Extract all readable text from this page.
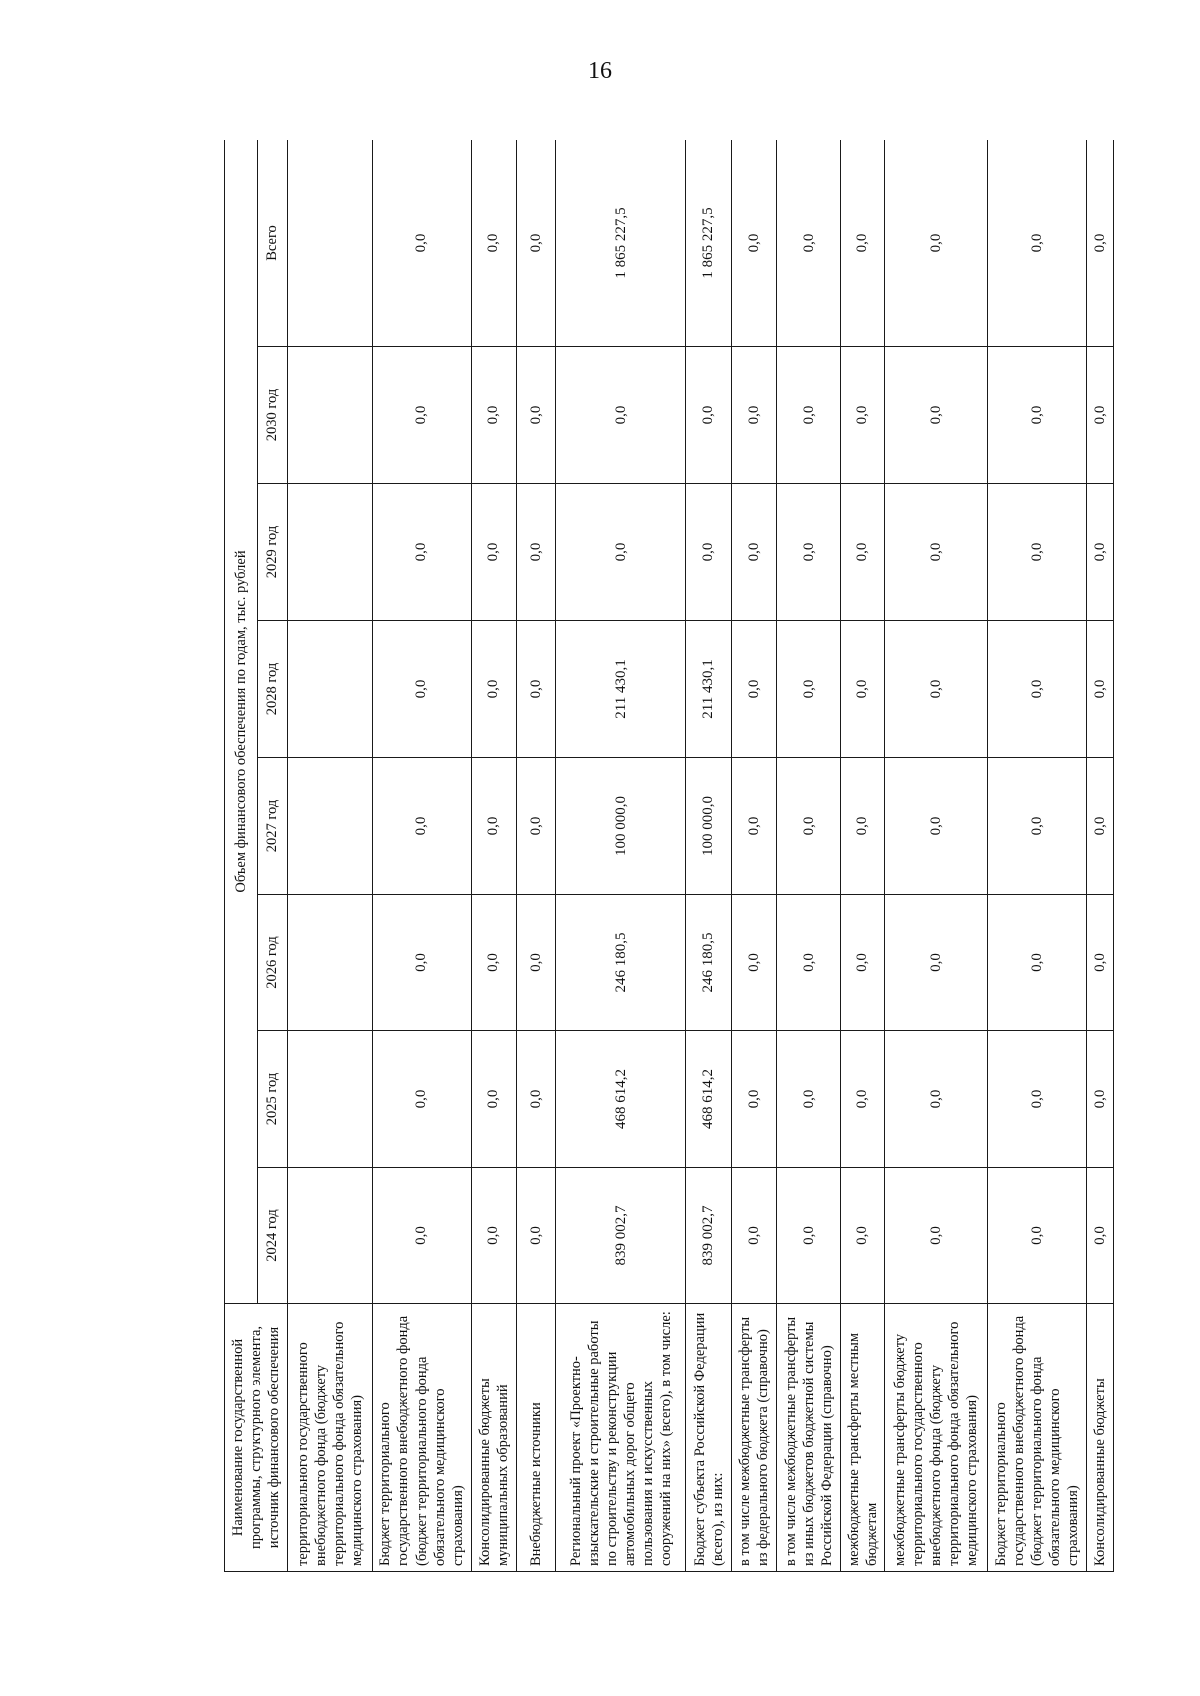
16
Наименование государственной программы, структурного элемента, источник финансового обеспечения	Объем финансового обеспечения по годам, тыс. рублей							
	2024 год	2025 год	2026 год	2027 год	2028 год	2029 год	2030 год	Всего
территориального государственного внебюджетного фонда (бюджету территориального фонда обязательного медицинского страхования)								
Бюджет территориального государственного внебюджетного фонда (бюджет территориального фонда обязательного медицинского страхования)	0,0	0,0	0,0	0,0	0,0	0,0	0,0	0,0
Консолидированные бюджеты муниципальных образований	0,0	0,0	0,0	0,0	0,0	0,0	0,0	0,0
Внебюджетные источники	0,0	0,0	0,0	0,0	0,0	0,0	0,0	0,0
Региональный проект «Проектно-изыскательские и строительные работы по строительству и реконструкции автомобильных дорог общего пользования и искусственных сооружений на них» (всего), в том числе:	839 002,7	468 614,2	246 180,5	100 000,0	211 430,1	0,0	0,0	1 865 227,5
Бюджет субъекта Российской Федерации (всего), из них:	839 002,7	468 614,2	246 180,5	100 000,0	211 430,1	0,0	0,0	1 865 227,5
в том числе межбюджетные трансферты из федерального бюджета (справочно)	0,0	0,0	0,0	0,0	0,0	0,0	0,0	0,0
в том числе межбюджетные трансферты из иных бюджетов бюджетной системы Российской Федерации (справочно)	0,0	0,0	0,0	0,0	0,0	0,0	0,0	0,0
межбюджетные трансферты местным бюджетам	0,0	0,0	0,0	0,0	0,0	0,0	0,0	0,0
межбюджетные трансферты бюджету территориального государственного внебюджетного фонда (бюджету территориального фонда обязательного медицинского страхования)	0,0	0,0	0,0	0,0	0,0	0,0	0,0	0,0
Бюджет территориального государственного внебюджетного фонда (бюджет территориального фонда обязательного медицинского страхования)	0,0	0,0	0,0	0,0	0,0	0,0	0,0	0,0
Консолидированные бюджеты	0,0	0,0	0,0	0,0	0,0	0,0	0,0	0,0
